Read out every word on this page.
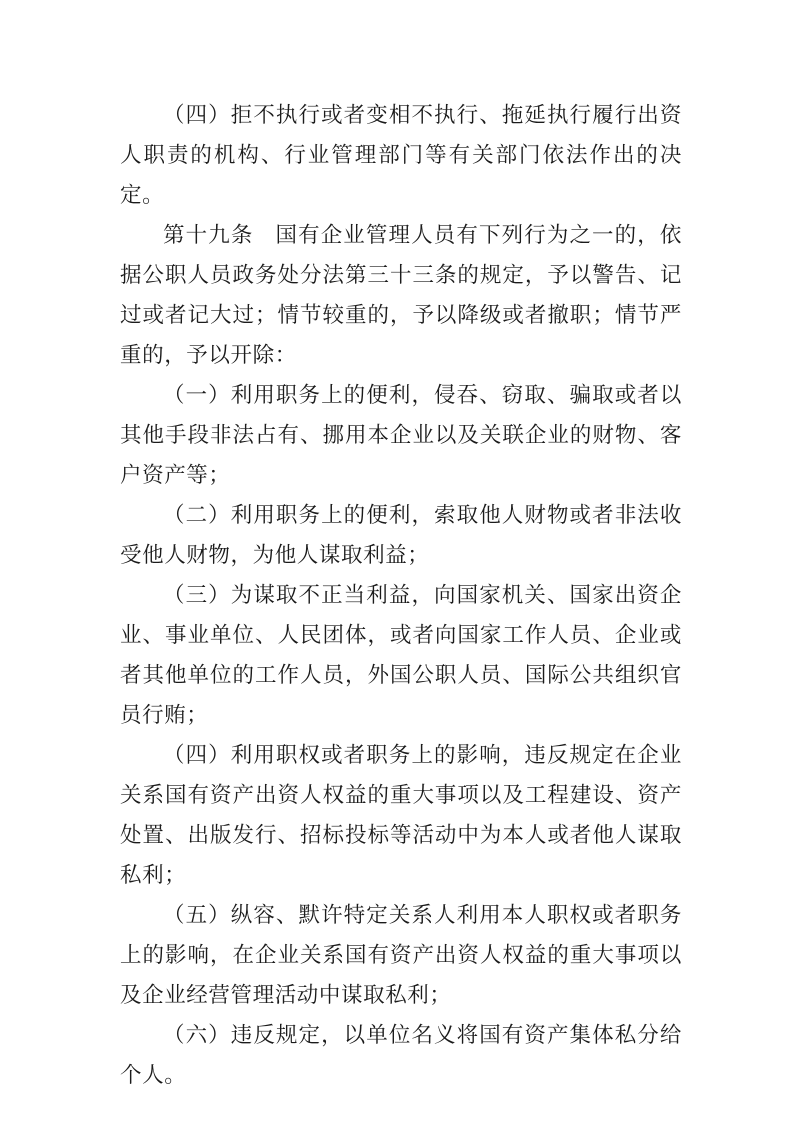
（四）拒不执行或者变相不执行、拖延执行履行出资人职责的机构、行业管理部门等有关部门依法作出的决定。

第十九条 国有企业管理人员有下列行为之一的，依据公职人员政务处分法第三十三条的规定，予以警告、记过或者记大过；情节较重的，予以降级或者撤职；情节严重的，予以开除：

（一）利用职务上的便利，侵吞、窃取、骗取或者以其他手段非法占有、挪用本企业以及关联企业的财物、客户资产等；

（二）利用职务上的便利，索取他人财物或者非法收受他人财物，为他人谋取利益；

（三）为谋取不正当利益，向国家机关、国家出资企业、事业单位、人民团体，或者向国家工作人员、企业或者其他单位的工作人员，外国公职人员、国际公共组织官员行贿；

（四）利用职权或者职务上的影响，违反规定在企业关系国有资产出资人权益的重大事项以及工程建设、资产处置、出版发行、招标投标等活动中为本人或者他人谋取私利；

（五）纵容、默许特定关系人利用本人职权或者职务上的影响，在企业关系国有资产出资人权益的重大事项以及企业经营管理活动中谋取私利；

（六）违反规定，以单位名义将国有资产集体私分给个人。
